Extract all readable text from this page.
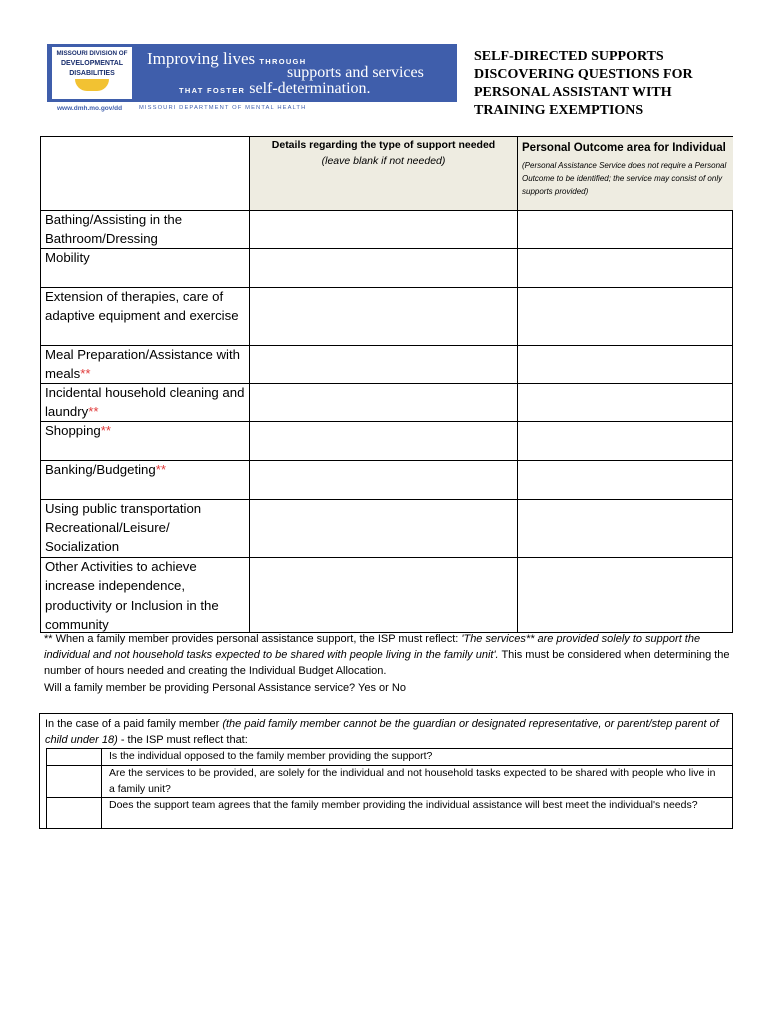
MISSOURI DIVISION OF
DEVELOPMENTAL
DISABILITIES
Improving lives THROUGH
supports and services
THAT FOSTER self-determination.
www.dmh.mo.gov/dd	MISSOURI DEPARTMENT OF MENTAL HEALTH
SELF-DIRECTED SUPPORTS
DISCOVERING QUESTIONS FOR
PERSONAL ASSISTANT WITH
TRAINING EXEMPTIONS
Details regarding the type of support needed
(leave blank if not needed)
Personal Outcome area for Individual
(Personal Assistance Service does not require a Personal Outcome to be identified; the service may consist of only supports provided)
Bathing/Assisting in the Bathroom/Dressing
Mobility
Extension of therapies, care of adaptive equipment and exercise
Meal Preparation/Assistance with meals**
Incidental household cleaning and laundry**
Shopping**
Banking/Budgeting**
Using public transportation
Recreational/Leisure/ Socialization
Other Activities to achieve increase independence, productivity or Inclusion in the community
** When a family member provides personal assistance support, the ISP must reflect: 'The services** are provided solely to support the individual and not household tasks expected to be shared with people living in the family unit'. This must be considered when determining the number of hours needed and creating the Individual Budget Allocation.
Will a family member be providing Personal Assistance service? Yes or No
In the case of a paid family member (the paid family member cannot be the guardian or designated representative, or parent/step parent of child under 18) - the ISP must reflect that:
Is the individual opposed to the family member providing the support?
Are the services to be provided, are solely for the individual and not household tasks expected to be shared with people who live in a family unit?
Does the support team agrees that the family member providing the individual assistance will best meet the individual's needs?
